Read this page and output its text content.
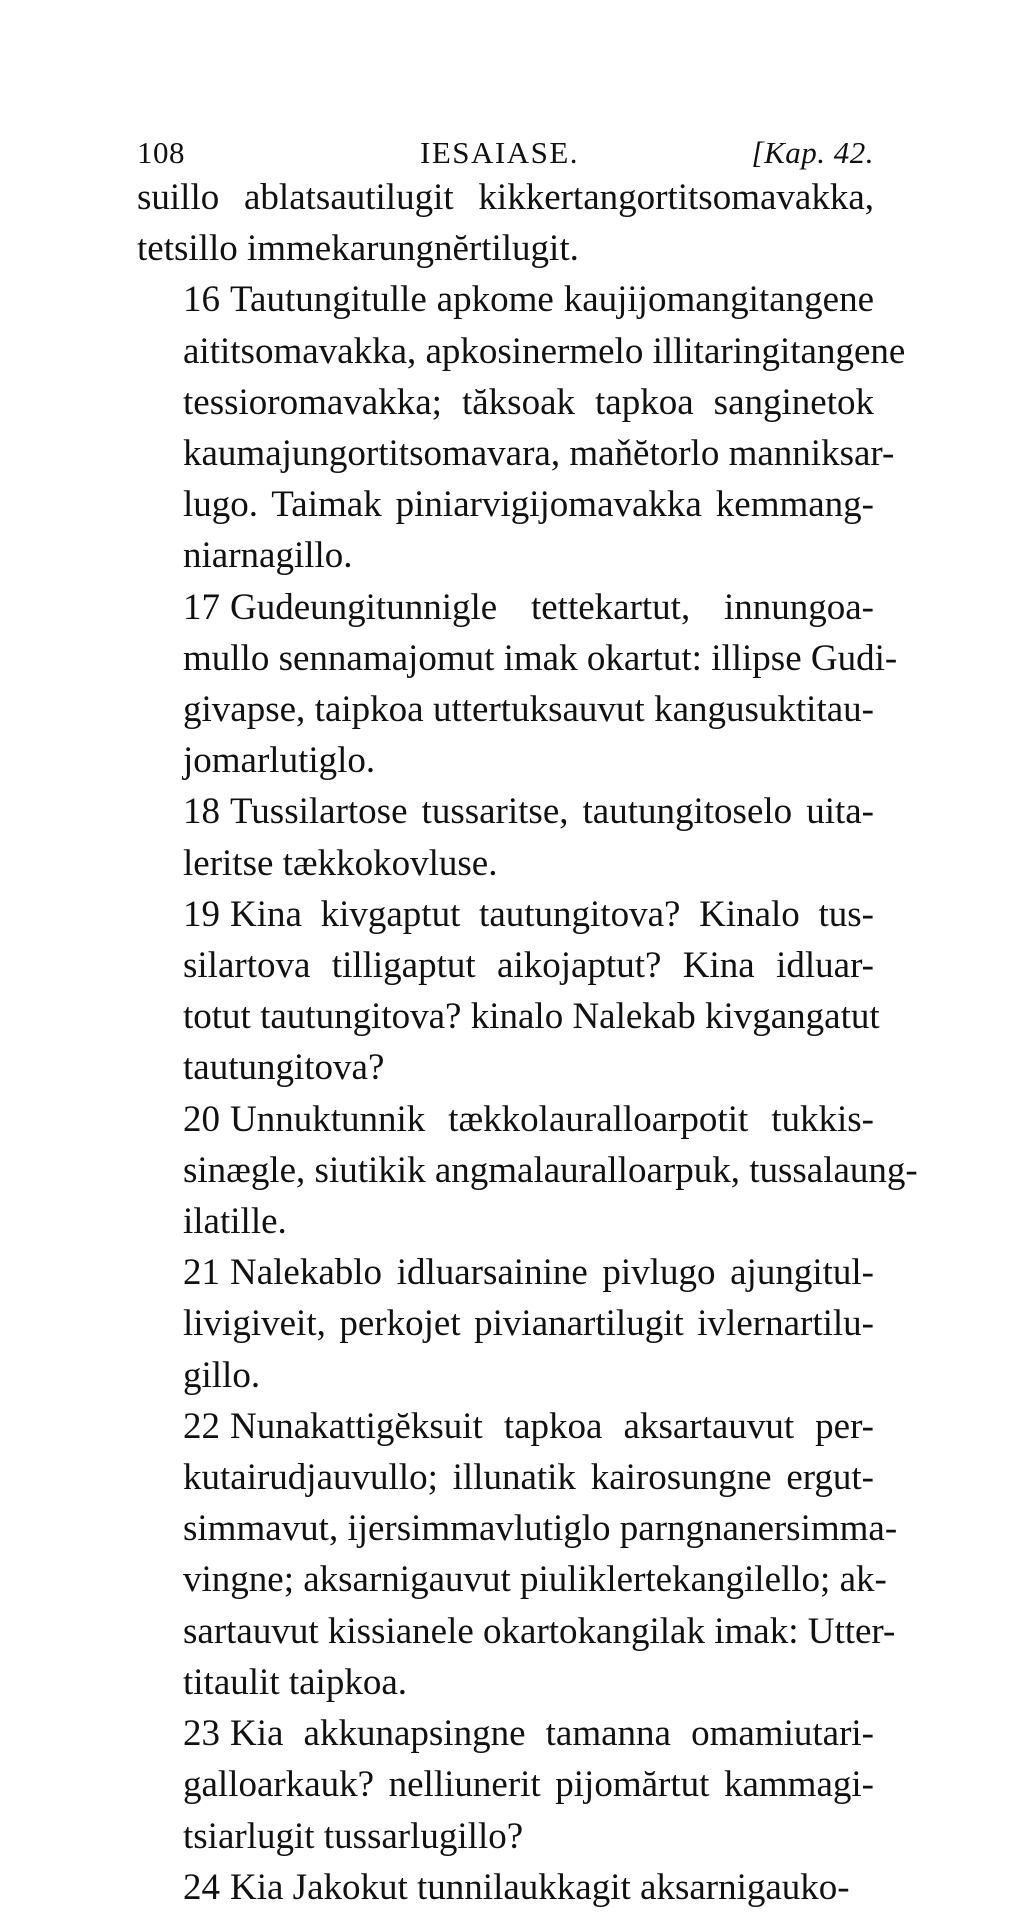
108	IESAIASE.	[Kap. 42.

suillo ablatsautilugit kikkertangortitsomavakka,
tetsillo immekarungnĕrtilugit.

16 Tautungitulle apkome kaujijomangitangene
aititsomavakka, apkosinermelo illitaringitangene
tessioromavakka; tăksoak tapkoa sanginetok
kaumajungortitsomavara, maňĕtorlo manniksar-
lugo. Taimak piniarvigijomavakka kemmang-
niarnagillo.

17 Gudeungitunnigle tettekartut, innungoa-
mullo sennamajomut imak okartut: illipse Gudi-
givapse, taipkoa uttertuksauvut kangusuktitau-
jomarlutiglo.

18 Tussilartose tussaritse, tautungitoselo uita-
leritse tækkokovluse.

19 Kina kivgaptut tautungitova? Kinalo tus-
silartova tilligaptut aikojaptut? Kina idluar-
totut tautungitova? kinalo Nalekab kivgangatut
tautungitova?

20 Unnuktunnik tækkolauralloarpotit tukkis-
sinægle, siutikik angmalauralloarpuk, tussalaung-
ilatille.

21 Nalekablo idluarsainine pivlugo ajungitul-
livigiveit, perkojet pivianartilugit ivlernartilu-
gillo.

22 Nunakattigĕksuit tapkoa aksartauvut per-
kutairudjauvullo; illunatik kairosungne ergut-
simmavut, ijersimmavlutiglo parngnanersimma-
vingne; aksarnigauvut piuliklertekangilello; ak-
sartauvut kissianele okartokangilak imak: Utter-
titaulit taipkoa.

23 Kia akkunapsingne tamanna omamiutari-
galloarkauk? nelliunerit pijomărtut kammagi-
tsiarlugit tussarlugillo?

24 Kia Jakokut tunnilaukkagit aksarnigauko-
